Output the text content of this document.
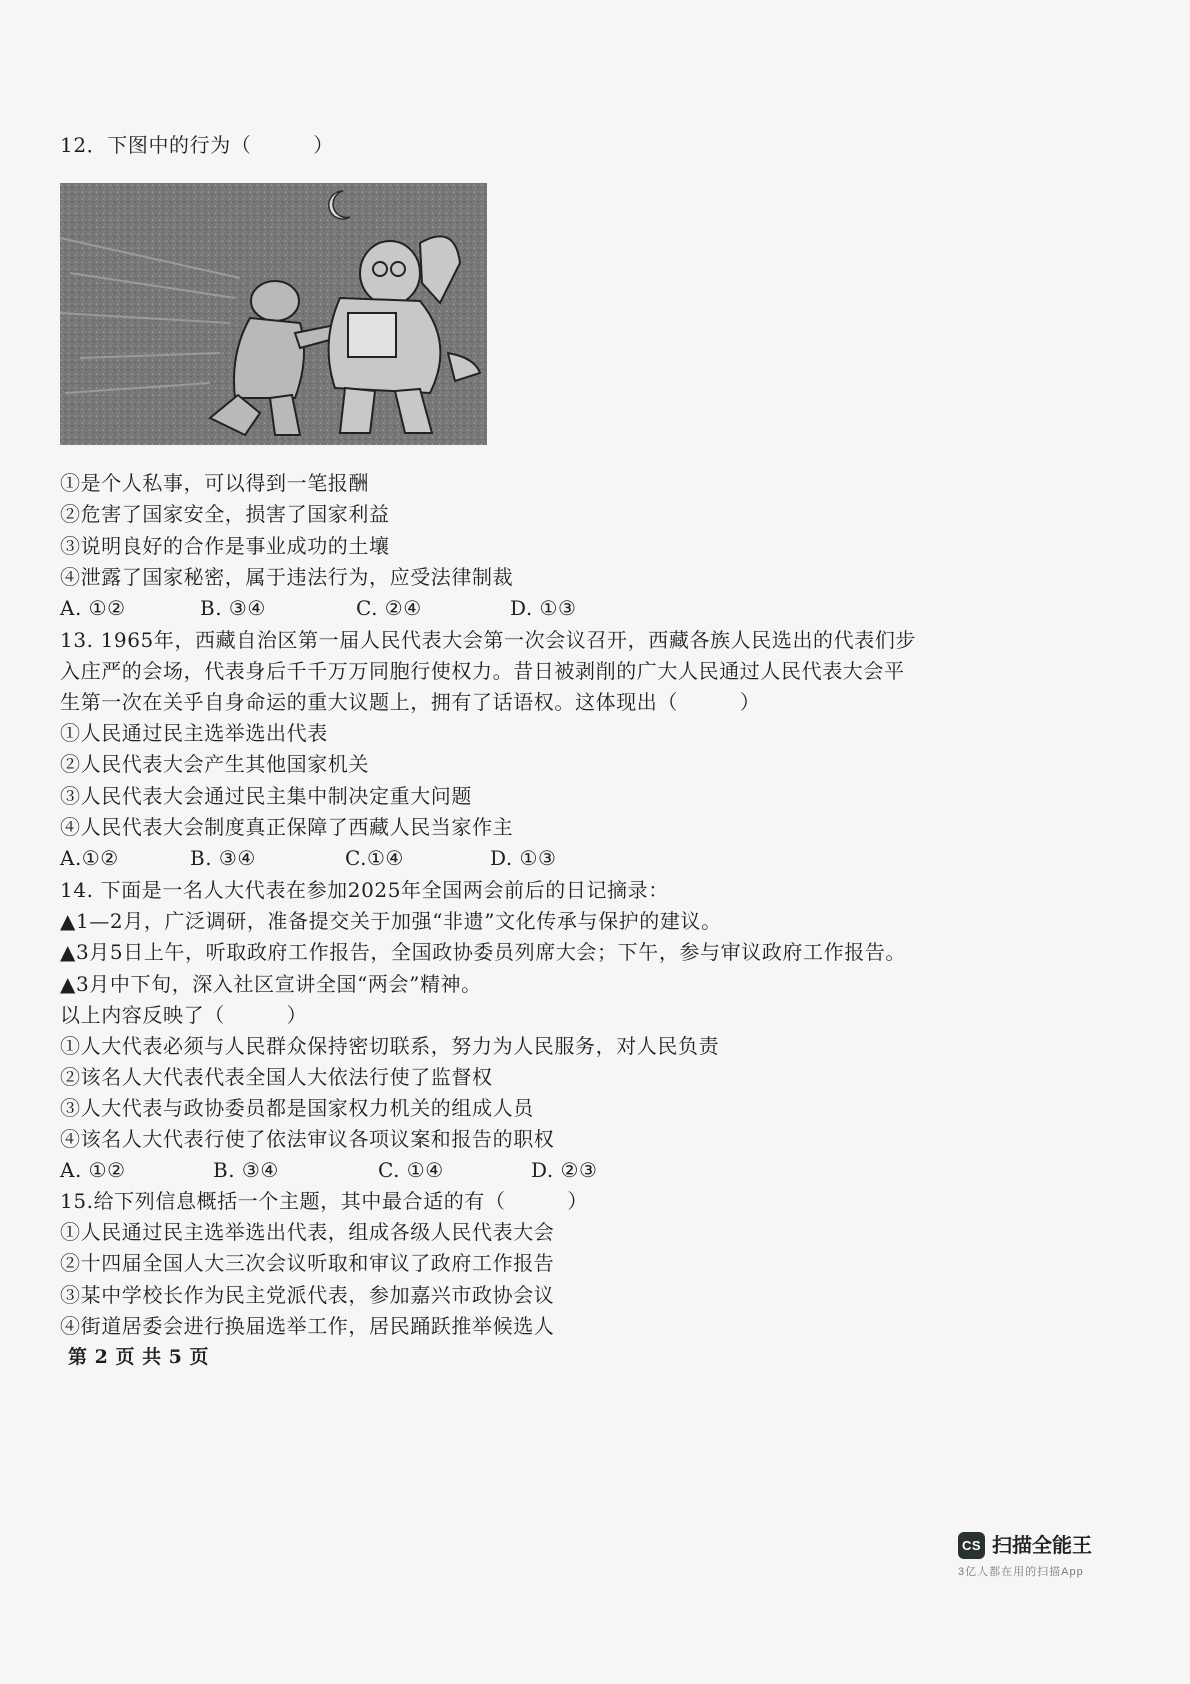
12．下图中的行为（　　　）
①是个人私事，可以得到一笔报酬
②危害了国家安全，损害了国家利益
③说明良好的合作是事业成功的土壤
④泄露了国家秘密，属于违法行为，应受法律制裁
A. ①②	B. ③④	C. ②④	D. ①③
13. 1965年，西藏自治区第一届人民代表大会第一次会议召开，西藏各族人民选出的代表们步
入庄严的会场，代表身后千千万万同胞行使权力。昔日被剥削的广大人民通过人民代表大会平
生第一次在关乎自身命运的重大议题上，拥有了话语权。这体现出（　　　）
①人民通过民主选举选出代表
②人民代表大会产生其他国家机关
③人民代表大会通过民主集中制决定重大问题
④人民代表大会制度真正保障了西藏人民当家作主
A.①②	B. ③④	C.①④	D. ①③
14. 下面是一名人大代表在参加2025年全国两会前后的日记摘录：
▲1—2月，广泛调研，准备提交关于加强“非遗”文化传承与保护的建议。
▲3月5日上午，听取政府工作报告，全国政协委员列席大会；下午，参与审议政府工作报告。
▲3月中下旬，深入社区宣讲全国“两会”精神。
以上内容反映了（　　　）
①人大代表必须与人民群众保持密切联系，努力为人民服务，对人民负责
②该名人大代表代表全国人大依法行使了监督权
③人大代表与政协委员都是国家权力机关的组成人员
④该名人大代表行使了依法审议各项议案和报告的职权
A. ①②	B. ③④	C. ①④	D. ②③
15.给下列信息概括一个主题，其中最合适的有（　　　）
①人民通过民主选举选出代表，组成各级人民代表大会
②十四届全国人大三次会议听取和审议了政府工作报告
③某中学校长作为民主党派代表，参加嘉兴市政协会议
④街道居委会进行换届选举工作，居民踊跃推举候选人
第 2 页 共 5 页
CS 扫描全能王
3亿人都在用的扫描App
